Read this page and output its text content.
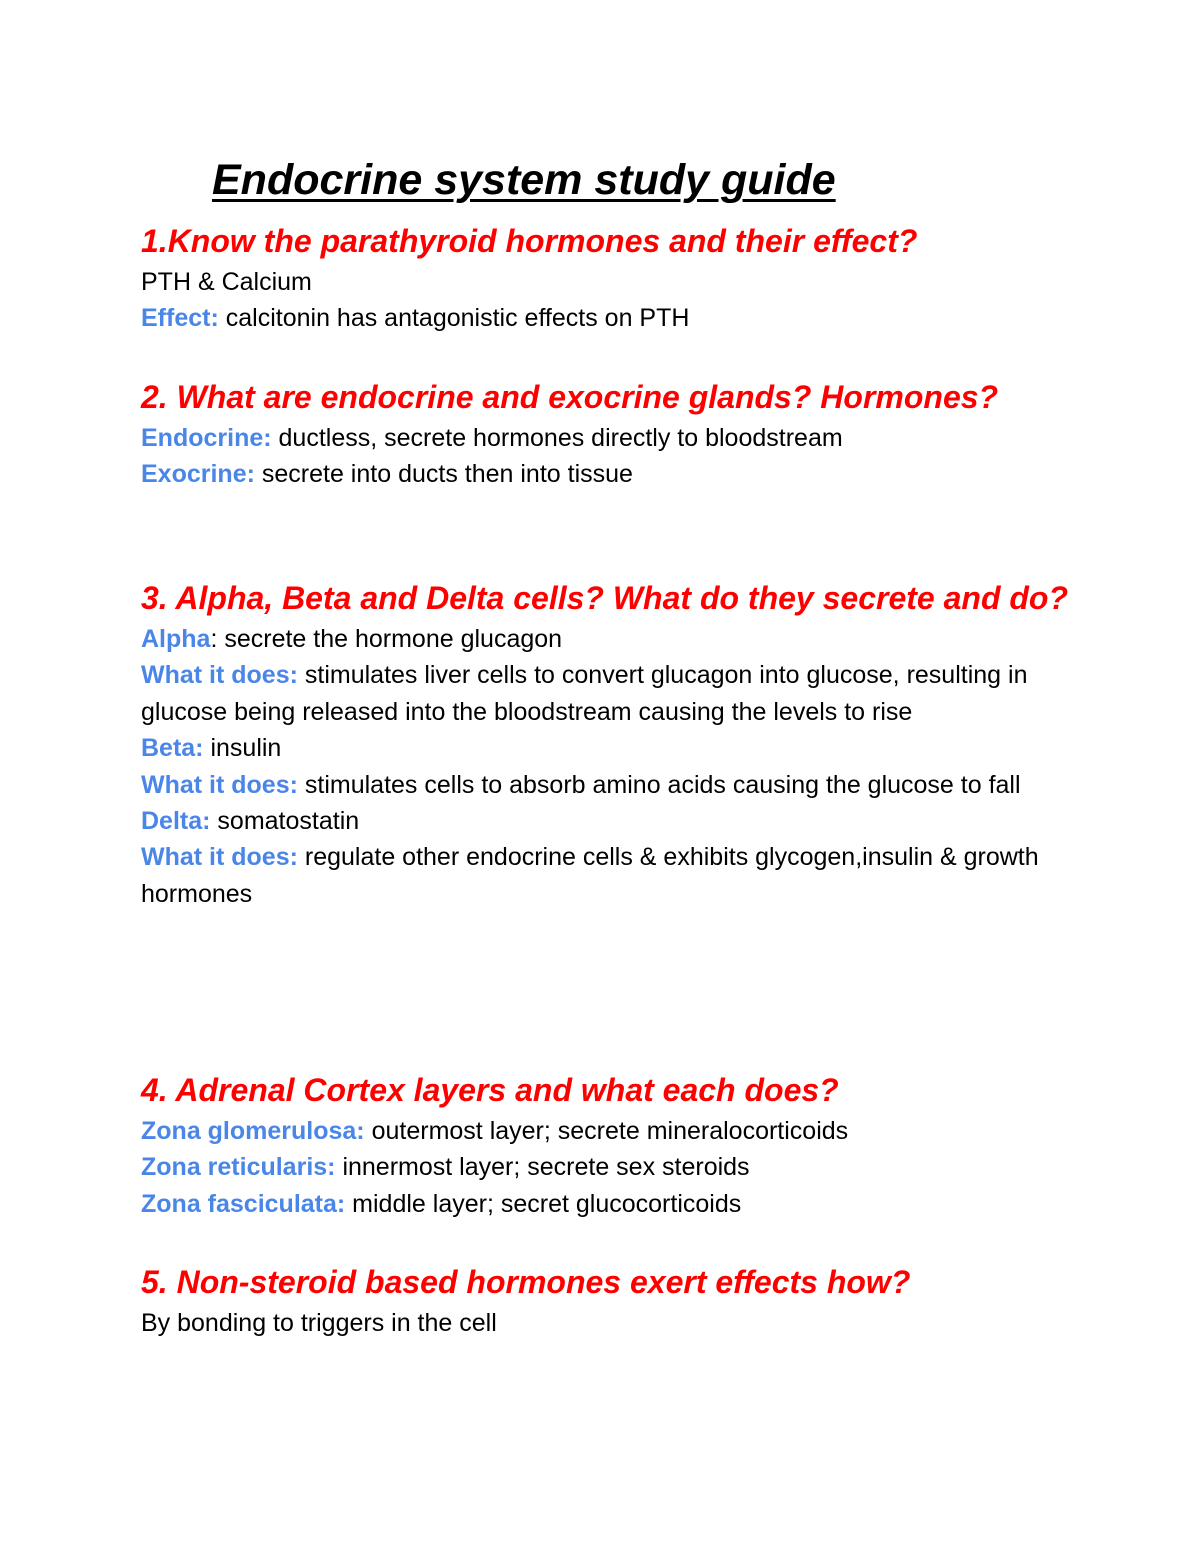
Endocrine system study guide

1.Know the parathyroid hormones and their effect?

PTH & Calcium

Effect: calcitonin has antagonistic effects on PTH

2. What are endocrine and exocrine glands? Hormones?

Endocrine: ductless, secrete hormones directly to bloodstream

Exocrine: secrete into ducts then into tissue

3. Alpha, Beta and Delta cells? What do they secrete and do?

Alpha: secrete the hormone glucagon

What it does: stimulates liver cells to convert glucagon into glucose, resulting in glucose being released into the bloodstream causing the levels to rise

Beta: insulin

What it does: stimulates cells to absorb amino acids causing the glucose to fall

Delta: somatostatin

What it does: regulate other endocrine cells & exhibits glycogen,insulin & growth hormones

4. Adrenal Cortex layers and what each does?

Zona glomerulosa: outermost layer; secrete mineralocorticoids

Zona reticularis: innermost layer; secrete sex steroids

Zona fasciculata: middle layer; secret glucocorticoids

5. Non-steroid based hormones exert effects how?

By bonding to triggers in the cell
